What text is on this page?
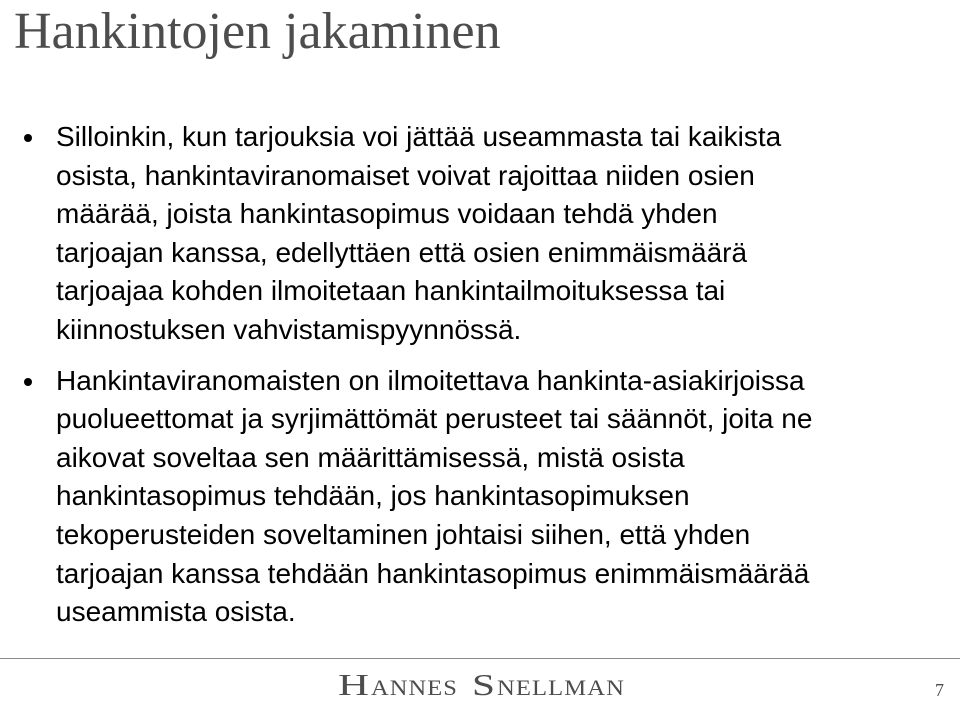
Hankintojen jakaminen
Silloinkin, kun tarjouksia voi jättää useammasta tai kaikista
osista, hankintaviranomaiset voivat rajoittaa niiden osien
määrää, joista hankintasopimus voidaan tehdä yhden
tarjoajan kanssa, edellyttäen että osien enimmäismäärä
tarjoajaa kohden ilmoitetaan hankintailmoituksessa tai
kiinnostuksen vahvistamispyynnössä.
Hankintaviranomaisten on ilmoitettava hankinta-asiakirjoissa
puolueettomat ja syrjimättömät perusteet tai säännöt, joita ne
aikovat soveltaa sen määrittämisessä, mistä osista
hankintasopimus tehdään, jos hankintasopimuksen
tekoperusteiden soveltaminen johtaisi siihen, että yhden
tarjoajan kanssa tehdään hankintasopimus enimmäismäärää
useammista osista.
H ANNES S NELLMAN	7
